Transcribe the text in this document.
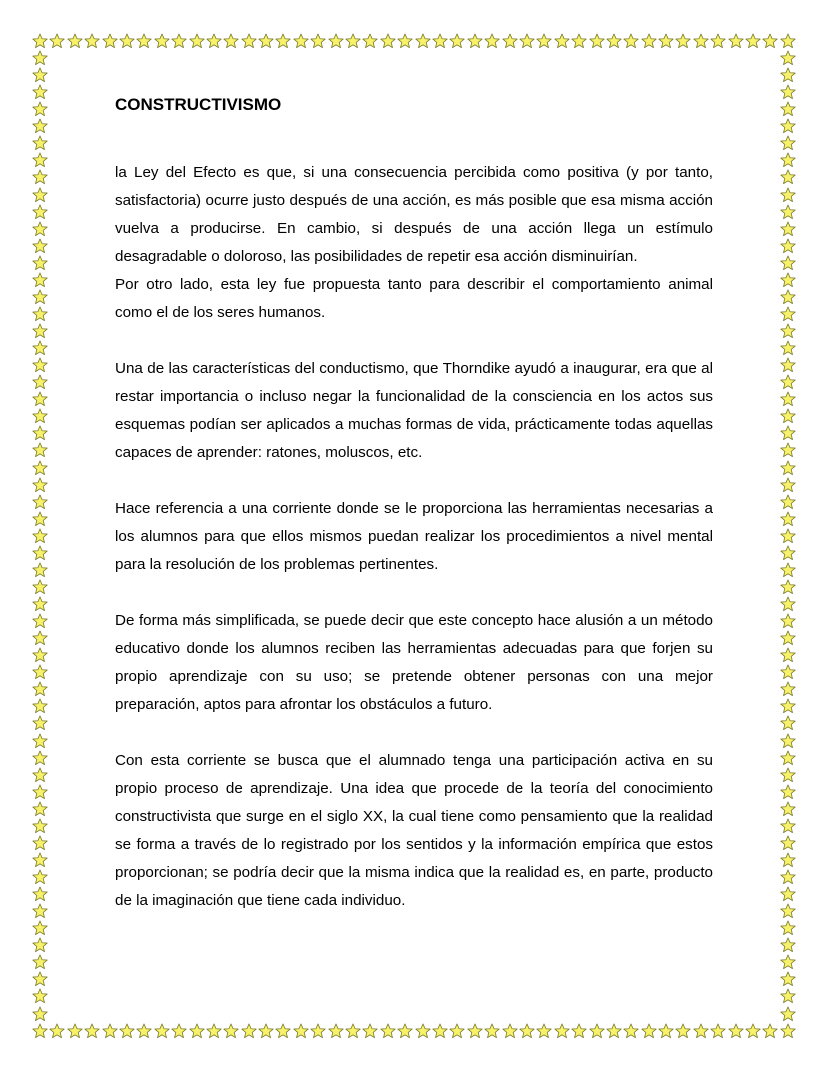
CONSTRUCTIVISMO

la Ley del Efecto es que, si una consecuencia percibida como positiva (y por tanto, satisfactoria) ocurre justo después de una acción, es más posible que esa misma acción vuelva a producirse. En cambio, si después de una acción llega un estímulo desagradable o doloroso, las posibilidades de repetir esa acción disminuirían.

Por otro lado, esta ley fue propuesta tanto para describir el comportamiento animal como el de los seres humanos.

Una de las características del conductismo, que Thorndike ayudó a inaugurar, era que al restar importancia o incluso negar la funcionalidad de la consciencia en los actos sus esquemas podían ser aplicados a muchas formas de vida, prácticamente todas aquellas capaces de aprender: ratones, moluscos, etc.

Hace referencia a una corriente donde se le proporciona las herramientas necesarias a los alumnos para que ellos mismos puedan realizar los procedimientos a nivel mental para la resolución de los problemas pertinentes.

De forma más simplificada, se puede decir que este concepto hace alusión a un método educativo donde los alumnos reciben las herramientas adecuadas para que forjen su propio aprendizaje con su uso; se pretende obtener personas con una mejor preparación, aptos para afrontar los obstáculos a futuro.

Con esta corriente se busca que el alumnado tenga una participación activa en su propio proceso de aprendizaje. Una idea que procede de la teoría del conocimiento constructivista que surge en el siglo XX, la cual tiene como pensamiento que la realidad se forma a través de lo registrado por los sentidos y la información empírica que estos proporcionan; se podría decir que la misma indica que la realidad es, en parte, producto de la imaginación que tiene cada individuo.
